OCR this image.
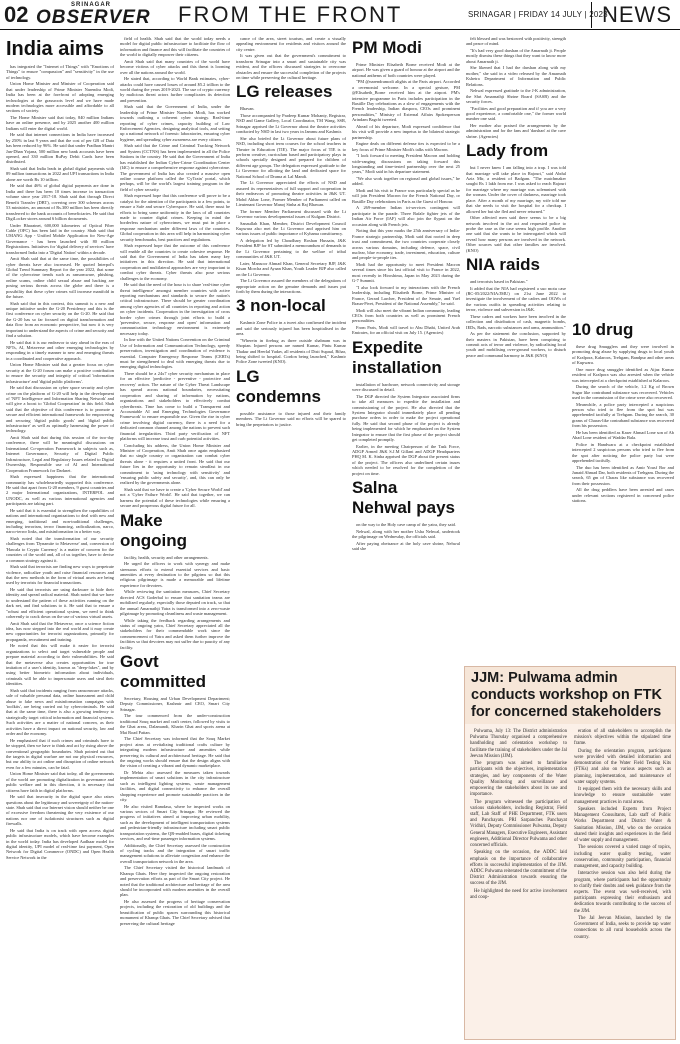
02	SRINAGAR
OBSERVER FROM THE FRONT	SRINAGAR | FRIDAY 14 JULY | 2023
NEWS
India aims

has integrated the "Internet of Things" with "Emotions of Things" to ensure "compassion" and "sensitivity" in the use of technology.

Union Home Minister and Minister of Cooperation said that under leadership of Prime Minister Narendra Modi, India has been at the forefront of adopting emerging technologies at the grassroots level and we have made modern technologies more accessible and affordable to all sections of society.

The Home Minister said that today, 840 million Indians have an online presence, and by 2025 another 400 million Indians will enter the digital world.

He said that internet connections in India have increased by 250% in last 9 years and that the cost of per GB of Data has been reduced by 96%. He said that under Pradhan Mantri Jan-Dhan Yojana, 500 million new bank accounts have been opened, and 330 million RuPay Debit Cards have been distributed.

Shah said that India leads in global digital payments with 89 million transactions in 2022 and UPI transactions in India alone are worth Rs 10 trillion.

He said that 46% of global digital payments are done in India and there has been 10 times increase in transaction volume since year 2017-18. Shah said that through Direct Benefit Transfer (DBT), covering over 300 schemes across 53 ministries, an amount of Rs.300 million has been directly transferred to the bank accounts of beneficiaries. He said that DigiLocker stores around 6 billion documents.

Under Bharatnet, 600,000 kilometers of Optical Fiber Cable (OFC) has been laid in the country. Shah said that UMANG App - Unified Mobile Application for New-Age Governance - has been launched with 80 million Registrations. Initiatives for 'digital delivery of services' have transformed India into a 'Digital Nation' within a decade.

Amit Shah said that at the same time, the possibilities of cyber threats have also increased. He quoted Interpol's Global Trend Summary Report for the year 2022, that some of the cybercrime trends such as ransomware, phishing, online scams, online child sexual abuse and hacking are posing serious threats across the globe and there is a possibility that these cyber crimes will increase manifold in the future.

Shah said that in this context, this summit is a new and unique initiative under the G-20 Presidency and this is the first conference on cyber security on the G-20. He said that the G-20 has so far focused on digital transformation and data flow from an economic perspective, but now it is very important to understand the aspects of crime and security and find a solution.

He said that it is our endeavor to stay ahead in the eras of NFTs, AI, Metaverse and other emerging technologies by responding in a timely manner to new and emerging threats in a coordinated and cooperative approach.

Union Home Minister said that a greater focus on cyber security at the G-20 forum can make a positive contribution to ensure the security and integrity of critical 'information infrastructure' and 'digital public platforms'.

He said that discussion on cyber space security and cyber crime on the platform of G-20 will help in the development of 'NFT Intelligence and Information Sharing Network' and will give a boost to 'Global Cooperation' in this field. Shah said that the objective of this conference is to promote a secure and efficient international framework for empowering and securing 'digital public goods' and 'digital public infrastructure' as well as optimally harnessing the power of technology.

Amit Shah said that during this session of the two-day conference, there will be meaningful discussions on International Co-operation Framework in subjects such as, Internet Governance, Security of Digital Public Infrastructure, Legal and Regulatory Issues related to Digital Ownership, Responsible use of AI and International Cooperation Framework for Darknet.

Shah expressed happiness that the international community has wholeheartedly supported this conference. He said that apart from G-20 members, 9 guest countries and 2 major International organizations, INTERPOL and UNODC, as well as various international agencies and participants are taking part.

He said that it is essential to strengthen the capabilities of nations and international organizations to deal with new and emerging, traditional and non-traditional challenges, including terrorism, terror financing, radicalization, narco, narco-terror links, and misinformation in a better way.

Shah noted that the transformation of our security challenges from 'Dynamite to Metaverse' and, conversion of 'Hawala to Crypto Currency' is a matter of concern for the countries of the world and, all of us together, have to devise a common strategy against it.

Shah said that terrorists are finding new ways to perpetrate violence, radicalize youth and raise financial resources and that the new methods in the form of virtual assets are being used by terrorists for financial transactions.

He said that terrorists are using darkware to hide their identity and spread radical material. Shah noted that we have to understand the pattern of these activities running on the dark net, and find solutions to it. He said that to ensure a "robust and efficient operational system, we need to think coherently to crack down on the use of various virtual assets.

Amit Shah said that the Metaverse, once a science fiction idea, has now stepped into the real world and it may create new opportunities for terrorist organizations, primarily for propaganda, recruitment and training.

He noted that this will make it easier for terrorist organizations to select and target vulnerable people and prepare material according to their vulnerabilities. He said that the metaverse also creates opportunities for true imitation of a user's identity, known as "deep-fakes", and by using better biometric information about individuals, criminals will be able to impersonate users and steal their identities.

Shah said that incidents ranging from ransomware attacks, sale of valuable personal data, online harassment and child abuse to fake news and misinformation campaigns with 'toolkits', are being carried out by cybercriminals. He said that at the same time, there is also a growing tendency to strategically target critical information and financial systems. Such activities are a matter of national concern, as their activities have a direct impact on national security, law and order and the economy.

He emphasized that if such crimes and criminals have to be stopped, then we have to think and act by rising above the conventional geographic boundaries. Shah pointed out that the targets in digital warfare are not our physical resources, but our ability to act online and disruption of online network even for a few minutes, can be fatal.

Union Home Minister said that today, all the governments of the world are promoting digitalization in governance and public welfare and in this direction, it is necessary that citizens have faith in digital platforms.

He said that insecurity in the digital space also raises questions about the legitimacy and sovereignty of the nation-state. Shah said that our Internet vision should neither be one of excessive freedom threatening the very existence of our nations nor one of isolationist structures such as digital firewalls.

He said that India is on track with open access digital public infrastructure models, which have become examples in the world today. India has developed Aadhaar model for digital identity, UPI model of real-time fast payment, Open Network for Digital Commerce (ONDC) and Open Health Service Network in the

field of health. Shah said that the world today needs a model for digital public infrastructure to facilitate the flow of information and finance and this will facilitate the countries of the world to digitally empower their citizens.

Amit Shah said that many countries of the world have become victims of cyber attacks and this threat is looming over all the nations around the world.

He stated that, according to World Bank estimates, cyber-attacks could have caused losses of around $5.2 trillion to the world during the years 2019-2023. The use of crypto currency by malicious threat actors further complicates its detection and prevention.

Shah said that the Government of India, under the leadership of Prime Minister Narendra Modi, has worked towards outlining a coherent cyber strategy. Real-time reporting of cyber crimes, capacity building of Law Enforcement Agencies, designing analytical tools, and setting up a national network of forensic laboratories, ensuring cyber hygiene, and spreading cyber awareness are every citizen.

Shah said that the Crime and Criminal Tracking Network and System (CCTNS) has been implemented in all the Police Stations in the country. He said that the Government of India has established the Indian Cyber-Crime Coordination Center (I4C) to ensure a comprehensive response against cybercrime. The government of India has also created a massive open online course platform called the 'CyTrain' portal, which perhaps, will be the world's largest training program in the field of cyber security.

Shah expressed hope that this conference will prove to be a catalyst for the attention of the participants to a few points, to ensure a Safe and secure Cyberspace. He said, there must be efforts to bring some uniformity in the laws of all countries made to counter digital crimes. Keeping in mind the borderless nature of cybercrimes, we must put in place a response mechanism under different laws of the countries. Global cooperation in this area will help in harmonising cyber security benchmarks, best practices and regulations.

Shah expressed hope that the outcome of this conference will enable all the countries to create cohesive response. He said that the Government of India has taken many key initiatives in this direction. He said that international cooperation and multilateral approaches are very important to combat cyber threats. Cyber threats also pose serious challenges to the economy.

He said that the need of the hour is to share 'real-time cyber threat intelligence' amongst member countries with active reporting mechanisms and standards to secure the nation's critical infrastructure. There should be greater coordination among cyber agencies of all countries in reporting and action on cyber incidents. Cooperation in the investigation of cross border cyber crimes through joint efforts to build a 'preventive, secure, response and open' information and communication technology environment is extremely necessary today.

In line with the United Nations Convention on the Criminal Use of Information and Communication Technology, speedy preservation, investigation and coordination of evidence is essential. Computer Emergency Response Teams (CERTs) must be strengthened to deal with emerging threats due to emerging digital technologies.

There should be a 24x7 cyber security mechanism in place for an effective 'predictive - preventive - protective and recovery' action. The nature of the Cyber Threat Landscape has spread across national boundaries, necessitating cooperation and sharing of information by nations, organizations and stakeholders to effectively combat cyberthreats. Time has come to build a 'Transparent and Accountable AI and Emerging Technologies Governance Framework' to ensure responsible use. Given the rise in cyber crime involving digital currency, there is a need for a dedicated common channel among the nations to prevent such financial irregularities. Third party verification of NFT platforms will increase trust and curb potential activities.

Concluding his address, the Union Home Minister and Minister of Cooperation, Amit Shah once again emphasized that no single country or organization can combat cyber threats alone - it requires a united front. He said that our future lies in the opportunity to remain steadfast in our commitment to 'using technology with sensitivity' and 'ensuring public safety and security', and, this can only be realized by the governments alone.

Shah said that we have to create a 'Cyber Secure World' and not a 'Cyber Failure World'. He said that together, we can harness the potential of these technologies while ensuring a secure and prosperous digital future for all.

Make ongoing

facility, health, security and other arrangements.

He urged the officers to work with synergy and make strenuous efforts to extend essential services and basic amenities at every destination to the pilgrims so that this religious pilgrimage is made a memorable and lifetime experience for devotees.

While reviewing the sanitation measures, Chief Secretary directed ACS Goderbal to ensure that sanitation teams are mobilized regularly, especially those deputed on track, so that the annual Amarnathji Yatra is transformed into a zero-waste pilgrimage by promoting cleanliness and waste management.

While taking the feedback regarding arrangements and status of ongoing yatra, Chief Secretary appreciated all the stakeholders for their commendable work since the commencement of Yatra and asked them further improve the facilities so that devotees may not suffer due to paucity of any facility.

Govt committed

Secretary, Housing and Urban Development Department; Deputy Commissioner, Kashmir and CEO, Smart City Srinagar.

The tour commenced from the under-construction traditional Souq market and craft center, followed by visits to the Ghat areas, Dalamandi, Kharin Ghat and sports arena at Mai Road Pattan.

The Chief Secretary was informed that the Souq Market project aims at revitalizing traditional crafts culture by integrating modern infrastructure and amenities while preserving its cultural and architectural heritage. He said that the ongoing works should ensure that the design aligns with the vision of creating a vibrant and dynamic marketplace.

Dr Mehta also assessed the measures taken towards implementation of smart solutions in the city infrastructure such as intelligent lighting systems, waste management facilities, and digital connectivity to enhance the overall shopping experience and promote sustainable practices in the city.

He also visited Ramdasa, where he inspected works on various sectors of Smart City Srinagar. He reviewed the progress of initiatives aimed at improving urban mobility, such as the development of intelligent transportation systems and pedestrian-friendly infrastructure including smart public transportation systems, the QR-enabled buses, digital ticketing services, and real-time passenger information systems.

Additionally, the Chief Secretary assessed the construction of cycling tracks and the integration of smart traffic management solutions to alleviate congestion and enhance the overall transportation network in the area.

The Chief Secretary visited the historical landmark of Khanqa Ghats. Here they inspected the ongoing restoration and preservation efforts as part of the Smart City project. He noted that the traditional architecture and heritage of the area should be incorporated with modern amenities in the overall plan.

He also assessed the progress of heritage conservation projects, including the restoration of old buildings and the beautification of public spaces surrounding this historical monument of Khanqa Ghats. The Chief Secretary advised that preserving the cultural heritage

cance of the area, street tourism, and create a visually appealing environment for residents and visitors around the city centre.

It was given out that the government's commitment to transform Srinagar into a smart and sustainable city was evident, and the officers discussed strategies to overcome obstacles and ensure the successful completion of the projects on time while preserving the cultural heritage.

LG releases

Bhavan.

Those accompanied by Pradeep Kumar Mohanty, Registrar, NSD and Game Gallery, Local Coordinator, TM Wang, SSR, Srinagar apprised the Lt Governor about the theatre activities conducted by NSD in last two years in Jammu and Kashmir.

She also briefed the Lt Governor about future plans of NSD, including short term courses for the school teachers in Theatre in Education (TIE). The major focus of TIE is to perform creative, curriculum based and participatory plays in schools specially designed and prepared for children of different age groups. The delegation expressed gratitude to the Lt Governor for allotting the land and dedicated space for National School of Drama at Lal Mandi.

The Lt Governor appreciated the efforts of NSD and assured its representatives of full support and cooperation in their endeavors of promoting theatre activities in J&K UT. Mohd Akbar Lone, Former Member of Parliament called on Lieutenant Governor Manoj Sinha at Raj Bhawan.

The former Member Parliament discussed with the Lt Governor various developmental issues of Kulgam District.

Sanaullah Khan, Member, District Development Council Kupwara also met the Lt Governor and apprised him on various issues of public importance of Kyhama constituency.

A delegation led by Choudhary Roshan Hussain, J&K President BJP for ST submitted a memorandum of demands to the Lt Governor pertaining to the welfare of tribal communities of J&K UT.

Later, Mansoor Ahmad Khan, General Secretary BJP, J&K Kisan Morcha and Ayaan Khan, Youth Leader BJP also called on the Lt Governor.

The Lt Governor assured the members of the delegations of appropriate action on the genuine demands and issues put forth by them during the interactions.

3 non-local

Kashmir Zone Police in a tweet also confirmed the incident and said the seriously injured has been hospitalised in the area.

"Wherein in firebug as three outside shabnam was in Shopian. Injured persons are named Kumar, Pintu Kumar Thakur and Heerlal Yadav, all residents of Distt Supaul, Bihar, being shifted to hospital. Cordon being launched," Kashmir Police Zone tweeted (KNO).

LG condemns

possible assistance to those injured and their family members. The Lt Governor said no efforts will be spared to bring the perpetrators to justice.

PM Modi

Prime Minister Elisabeth Borne received Modi at the airport. He was given a guard of honour at the airport and the national anthems of both countries were played.

"PM @narendramodi alights at the Paris airport. Accorded a ceremonial welcome. In a special gesture, PM @Elisabeth_Borne received him at the airport. PM's intensive programme in Paris includes participation in the Bastille Day celebrations as a slew of engagements with the French leadership, Indian diaspora, CEOs and prominent personalities," Ministry of External Affairs Spokesperson Arindam Bagchi tweeted.

Ahead of his departure, Modi expressed confidence that his visit will provide a new impetus to the bilateral strategic partnership.

Engine deals on different defense ties is expected to be a key focus of Prime Minister Modi's talks with Macron.

"I look forward to meeting President Macron and holding wide-ranging discussions on taking forward this longstanding and time-tested partnership over the next 25 years," Modi said in his departure statement.

"We also work together on regional and global issues," he added.

Modi and his visit to France was particularly special as he will join President Macron for the French National Day, or Bastille Day celebrations in Paris as the Guest of Honour.

A 269-member Indian tri-services contingent will participate in the parade. Three Rafale fighter jets of the Indian Air Force (IAF) will also join the flypast on the occasion along with French jets.

Noting that this year marks the 25th anniversary of India-France strategic partnership, Modi said that rooted in deep trust and commitment, the two countries cooperate closely across various domains, including defence, space, civil nuclear, blue economy, trade, investment, education, culture and people-to-people ties.

Modi had the opportunity to meet President Macron several times since his last official visit to France in 2022, most recently in Hiroshima, Japan in May 2023 during the G-7 Summit.

"I also look forward to my interactions with the French leadership, including Elisabeth Borne, Prime Minister of France, Gerard Larcher, President of the Senate, and Yael Braun-Pivet, President of the National Assembly," he said.

Modi will also meet the vibrant Indian community, leading CEOs from both countries as well as prominent French personalities.

From Paris, Modi will travel to Abu Dhabi, United Arab Emirates, for an official visit on July 15. (Agencies)

Expedite installation

installation of hardware, network connectivity and storage were discussed in detail.

The DGP directed the System Integrator associated firms to take all measures to expedite the installation and commissioning of the project. He also directed that the System Integrator should immediately place all pending purchase orders in order to make the project operational fully. He said that second phase of the project is already being implemented for which he emphasized on the System Integrator to ensure that the first phase of the project should get completed promptly.

Earlier, in the meeting Chairperson of the Task Force, ADGP Armed J&K S.J.M Gillani and ADGP Headquarters PHQ M. K. Sinha apprised the DGP about the present status of the project. The officers also underlined certain issues which needed to be resolved for the completion of the project on time.

Salna Nehwal pays

on the way to the Holy cave camp of the yatra, they said.

Nehwal, along with her mother Usha Nehwal, undertook the pilgrimage on Wednesday, the officials said.

After paying obeisance at the holy cave shrine, Nehwal said she

felt blessed and was bestowed with positivity, strength and peace of mind.

"It's had very good darshan of the Amarnath ji. People mostly dismiss these things that they want to know more about Amarnath ji.

She likened that I had the darshan along with my mother," she said in a video released by the Amarnath Kshetra Department of Information and Public Relations.

Nehwal expressed gratitude to the J-K administration, the Shri Amarnathji Shrine Board (SASB) and the security forces.

"Facilities and good preparation and if you are a very good experience, a comfortable one," the former world number one said.

Her mother also praised the arrangements by the administration and for the fans and 'darshan' at the cave shrine. (Agencies)

Lady from

but I never knew I am falling into a trap. I was told that marriage will take place in Rajouri," said Abdul Aziz Mir, a resident of Badgam. "The matchmaker sought Rs 1 lakh from me. I was asked to reach Rajouri for marriage where my marriage was solemnised with the woman. Under the cover of darkness, marriage took place. After a month of my marriage, my wife told me that she needs to visit the hospital for a checkup. I allowed her but she fled and never returned."

Other affected men said there seems to be a big network involved in the act and requested police to probe the case as the case seems high profile. Another one said that she wants to be interrogated which will reveal how many persons are involved in the network. Other sources said that other families are involved. (KNO)

NIA raids

and terrorists based in Pakistan."

It added that the NIA had registered a suo motu case (RC-05/2022/NIA/JMU) on 21st June 2022 to investigate the involvement of the cadres and OGWs of the various outfits in spreading activities relating to terror, violence and subversion in J&K.

These cadres and workers have been involved in the collection and distribution of cash, magnetic bombs, IEDs, Rads, narcotic substances and arms, ammunition."

As per the statement the conclusion, supported by their masters in Pakistan, have been conspiring to commit acts of terror and violence, by radicalising local youth and mobilising over-ground workers, to disturb peace and communal harmony in J&K (KNO)

10 drug

these drug Smugglers and they were involved in promoting drug abuse by supplying drugs to local youth of Kralpora, Kalaroos, Trehgam, Bandpur and other areas of Kupwara.

One more drug smuggler identified as Aijaz Kumar resident of Kralpora was also arrested when the vehicle was intercepted at a checkpoint established at Kalaroos.

During the search of the vehicle, 1.2 Kg of Brown Sugar like contraband substance was recovered. Vehicles used in the commission of the crime were also recovered.

Meanwhile, a police party intercepted a suspicious person who tried to flee from the spot but was apprehended tactfully at Trehgam. During the search, 30 grams of Charas-like contraband substance was recovered from his possession.

He has been identified as Kaser Ahmad Lone son of Ab Ahad Lone resident of Waddar Bala.

Police in Handwara at a checkpoint established intercepted 2 suspicious persons who tried to flee from the spot after noticing the police party but were apprehended tactfully.

The duo has been identified as Amir Yousf Bor and Junaid Ahmad Dar, both residents of Trehgam. During the search, 65 gm of Charas like substance was recovered from their possession.

All the drug peddlers have been arrested and cases under relevant sections registered in concerned police stations.

JJM: Pulwama admin conducts workshop on FTK for concerned stakeholders

Pulwama, July 13: The District administration Pulwama Thursday organised a comprehensive handholding and orientation workshop to facilitate the training of stakeholders under the Jal Jeevan Mission (JJM).

The program was aimed to familiarise participants with the objectives, implementation strategies, and key components of the Water Quality Monitoring and surveillance and empowering the stakeholders about its use and importance.

The program witnessed the participation of various stakeholders, including Registrar, Field staff, Lab Staff of PHE Department, FTK users and Panchayats. PRI Sarpanches Panchayat Vridhiri, Deputy Commissioner Pulwama, Deputy General Managers, Executive Engineers, Assistant engineers, Additional Director Pulwama and other concerned officials.

Speaking on the occasion, the ADDC laid emphasis on the importance of collaborative efforts in successful implementation of the JJM. ADDC Pulwama reiterated the commitment of the District Administration towards ensuring the success of the JJM.

He highlighted the need for active involvement and coop-

eration of all stakeholders to accomplish the mission's objectives within the stipulated time frame.

During the orientation program, participants were provided with detailed information and demonstration of the Water Field Testing Kits (FTKs) and also on various aspects such as planning, implementation, and maintenance of water supply systems.

It equipped them with the necessary skills and knowledge to ensure sustainable water management practices in rural areas.

Speakers included Experts from Project Management Consultants, Lab staff of Public Works Department and District Water & Sanitation Mission, JJM, who on the occasion shared their insights and experiences in the field of water supply and management.

The sessions covered a varied range of topics, including water quality testing, water conservation, community participation, financial management, and capacity building.

Interactive session was also held during the program, where participants had the opportunity to clarify their doubts and seek guidance from the experts. The event was well-received, with participants expressing their enthusiasm and dedication towards contributing to the success of the JJM.

The Jal Jeevan Mission, launched by the Government of India, seeks to provide tap water connections to all rural households across the country.
